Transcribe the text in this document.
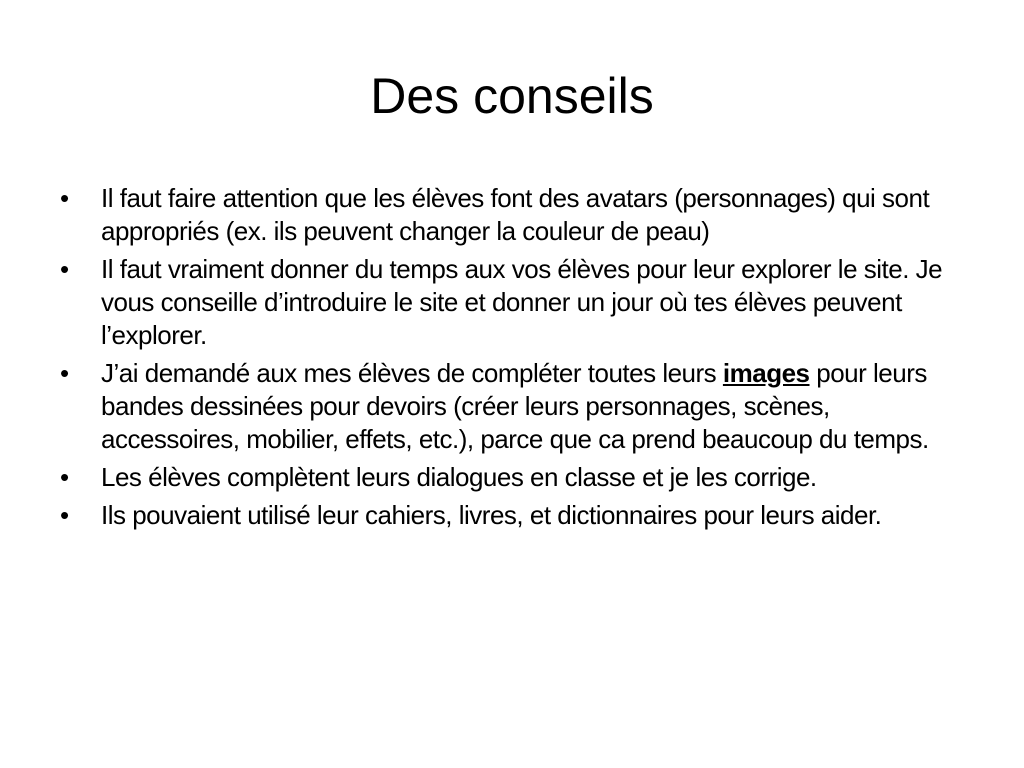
Des conseils
•	Il faut faire attention que les élèves font des avatars (personnages) qui sont appropriés (ex. ils peuvent changer la couleur de peau)
•	Il faut vraiment donner du temps aux vos élèves pour leur explorer le site. Je vous conseille d’introduire le site et donner un jour où tes élèves peuvent l’explorer.
•	J’ai demandé aux mes élèves de compléter toutes leurs images pour leurs bandes dessinées pour devoirs (créer leurs personnages, scènes, accessoires, mobilier, effets, etc.), parce que ca prend beaucoup du temps.
•	Les élèves complètent leurs dialogues en classe et je les corrige.
•	Ils pouvaient utilisé leur cahiers, livres, et dictionnaires pour leurs aider.
